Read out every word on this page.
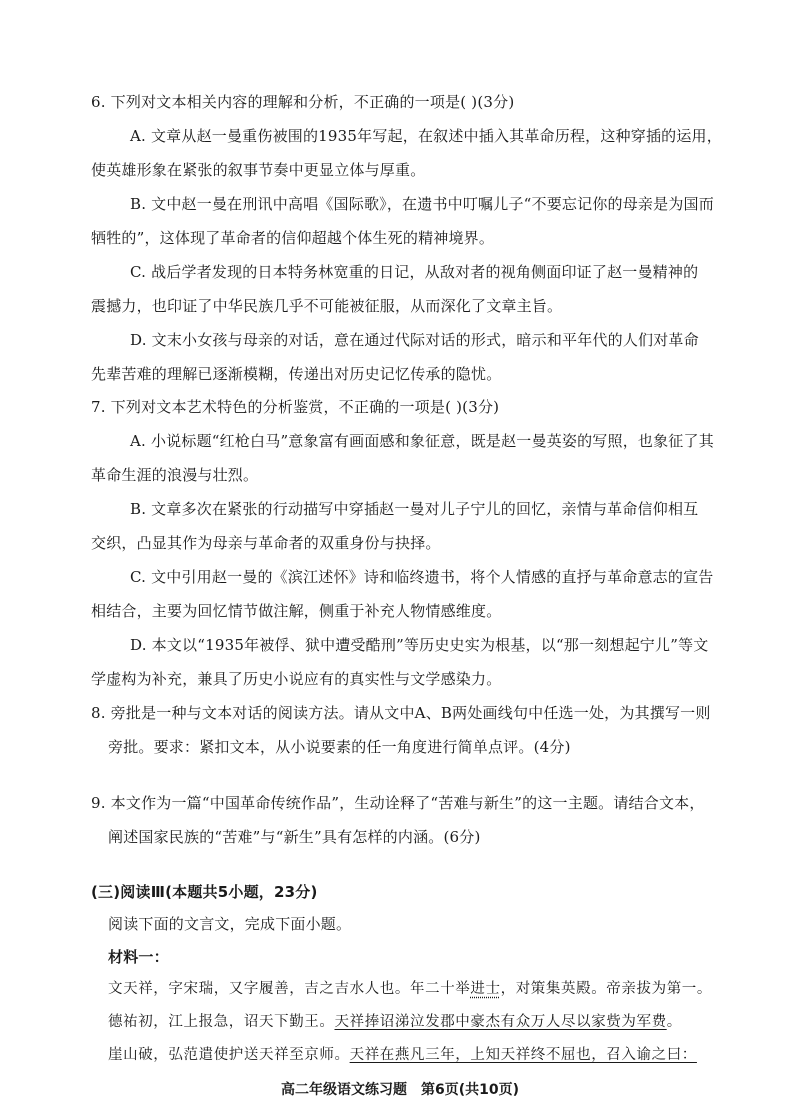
6. 下列对文本相关内容的理解和分析，不正确的一项是( )(3分)
A. 文章从赵一曼重伤被围的1935年写起，在叙述中插入其革命历程，这种穿插的运用，
使英雄形象在紧张的叙事节奏中更显立体与厚重。
B. 文中赵一曼在刑讯中高唱《国际歌》，在遗书中叮嘱儿子“不要忘记你的母亲是为国而
牺牲的”，这体现了革命者的信仰超越个体生死的精神境界。
C. 战后学者发现的日本特务林宽重的日记，从敌对者的视角侧面印证了赵一曼精神的
震撼力，也印证了中华民族几乎不可能被征服，从而深化了文章主旨。
D. 文末小女孩与母亲的对话，意在通过代际对话的形式，暗示和平年代的人们对革命
先辈苦难的理解已逐渐模糊，传递出对历史记忆传承的隐忧。
7. 下列对文本艺术特色的分析鉴赏，不正确的一项是( )(3分)
A. 小说标题“红枪白马”意象富有画面感和象征意，既是赵一曼英姿的写照，也象征了其
革命生涯的浪漫与壮烈。
B. 文章多次在紧张的行动描写中穿插赵一曼对儿子宁儿的回忆，亲情与革命信仰相互
交织，凸显其作为母亲与革命者的双重身份与抉择。
C. 文中引用赵一曼的《滨江述怀》诗和临终遗书，将个人情感的直抒与革命意志的宣告
相结合，主要为回忆情节做注解，侧重于补充人物情感维度。
D. 本文以“1935年被俘、狱中遭受酷刑”等历史史实为根基，以“那一刻想起宁儿”等文
学虚构为补充，兼具了历史小说应有的真实性与文学感染力。
8. 旁批是一种与文本对话的阅读方法。请从文中A、B两处画线句中任选一处，为其撰写一则
旁批。要求：紧扣文本，从小说要素的任一角度进行简单点评。(4分)
9. 本文作为一篇“中国革命传统作品”，生动诠释了“苦难与新生”的这一主题。请结合文本，
阐述国家民族的“苦难”与“新生”具有怎样的内涵。(6分)
(三)阅读Ⅲ(本题共5小题，23分)
阅读下面的文言文，完成下面小题。
材料一：
文天祥，字宋瑞，又字履善，吉之吉水人也。年二十举进士，对策集英殿。帝亲拔为第一。
德祐初，江上报急，诏天下勤王。天祥捧诏涕泣发郡中豪杰有众万人尽以家赀为军费。
崖山破，弘范遣使护送天祥至京师。天祥在燕凡三年，上知天祥终不屈也，召入谕之曰：
高二年级语文练习题　第6页(共10页)
